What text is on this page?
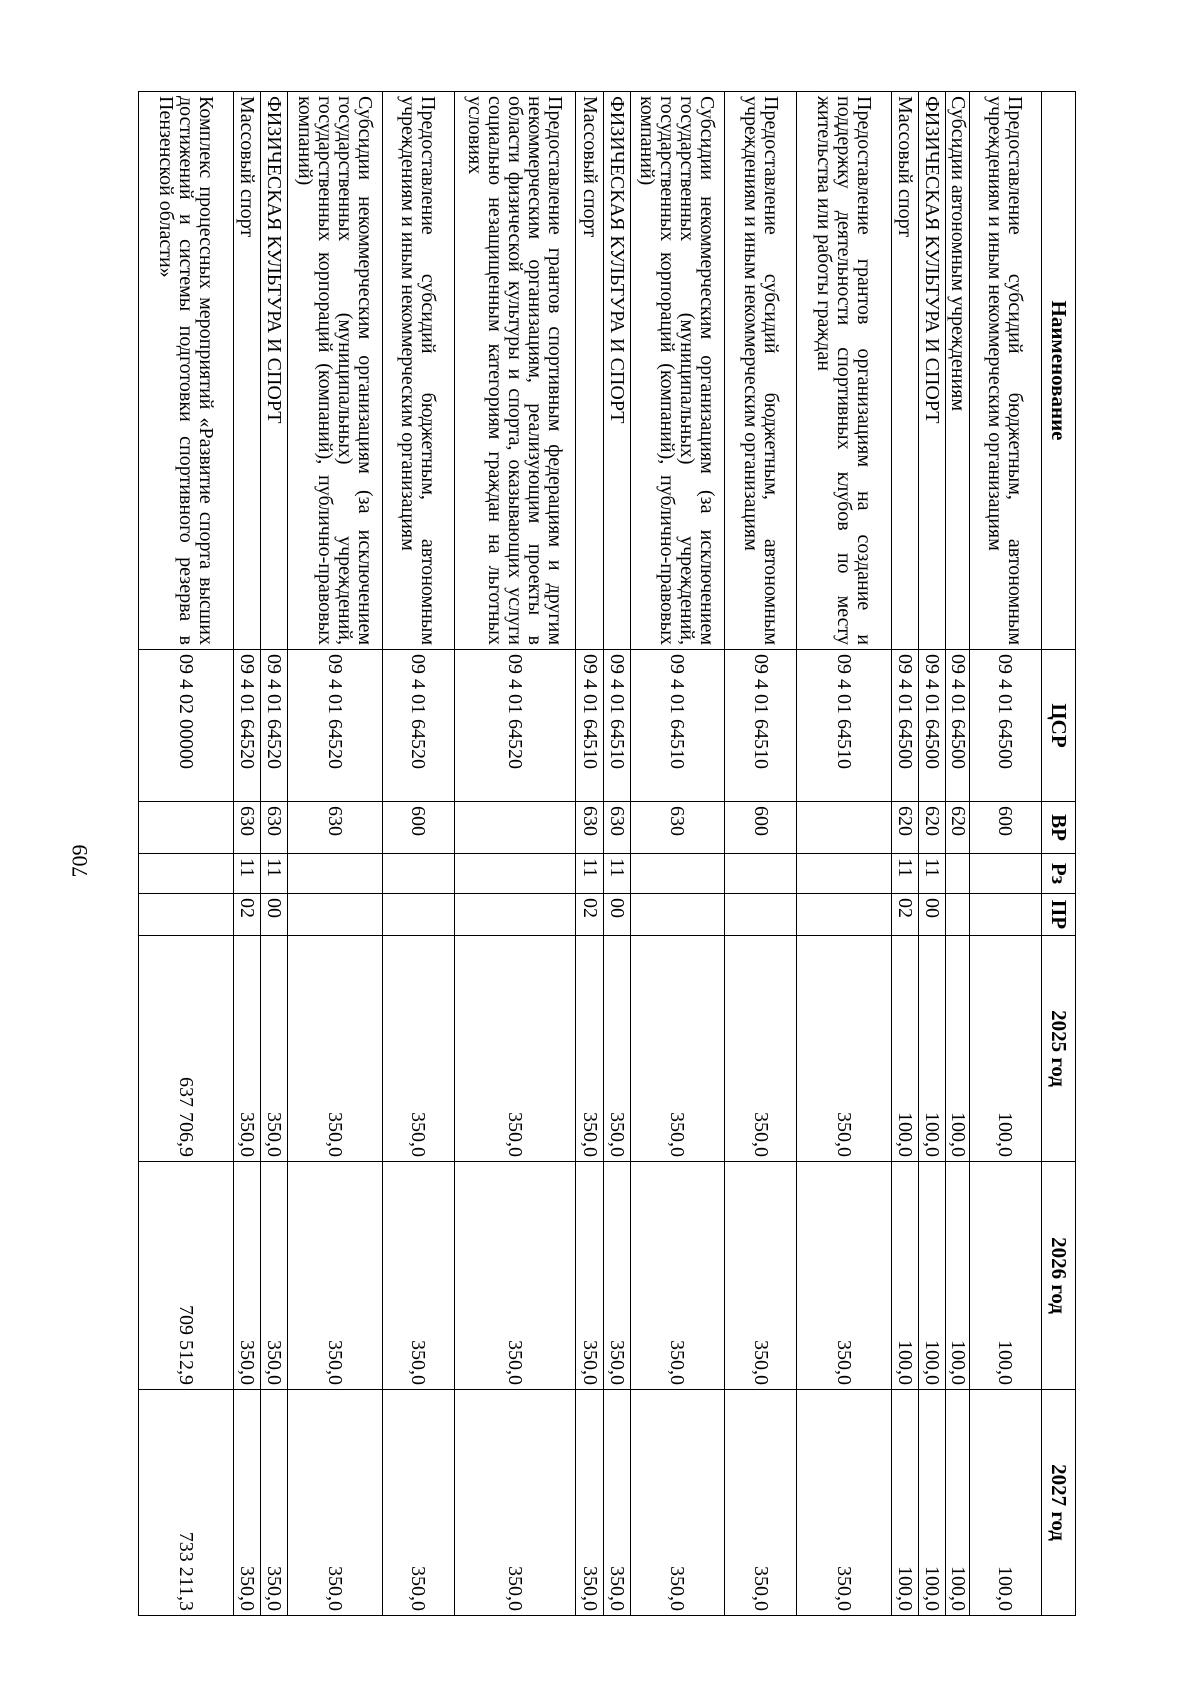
709
Наименование	ЦСР	ВР	Рз	ПР	2025 год	2026 год	2027 год
Предоставление субсидий бюджетным, автономным учреждениям и иным некоммерческим организациям	09 4 01 64500	600			100,0	100,0	100,0
Субсидии автономным учреждениям	09 4 01 64500	620			100,0	100,0	100,0
ФИЗИЧЕСКАЯ КУЛЬТУРА И СПОРТ	09 4 01 64500	620	11	00	100,0	100,0	100,0
Массовый спорт	09 4 01 64500	620	11	02	100,0	100,0	100,0
Предоставление грантов организациям на создание и поддержку деятельности спортивных клубов по месту жительства или работы граждан	09 4 01 64510				350,0	350,0	350,0
Предоставление субсидий бюджетным, автономным учреждениям и иным некоммерческим организациям	09 4 01 64510	600			350,0	350,0	350,0
Субсидии некоммерческим организациям (за исключением государственных (муниципальных) учреждений, государственных корпораций (компаний), публично-правовых компаний)	09 4 01 64510	630			350,0	350,0	350,0
ФИЗИЧЕСКАЯ КУЛЬТУРА И СПОРТ	09 4 01 64510	630	11	00	350,0	350,0	350,0
Массовый спорт	09 4 01 64510	630	11	02	350,0	350,0	350,0
Предоставление грантов спортивным федерациям и другим некоммерческим организациям, реализующим проекты в области физической культуры и спорта, оказывающих услуги социально незащищенным категориям граждан на льготных условиях	09 4 01 64520				350,0	350,0	350,0
Предоставление субсидий бюджетным, автономным учреждениям и иным некоммерческим организациям	09 4 01 64520	600			350,0	350,0	350,0
Субсидии некоммерческим организациям (за исключением государственных (муниципальных) учреждений, государственных корпораций (компаний), публично-правовых компаний)	09 4 01 64520	630			350,0	350,0	350,0
ФИЗИЧЕСКАЯ КУЛЬТУРА И СПОРТ	09 4 01 64520	630	11	00	350,0	350,0	350,0
Массовый спорт	09 4 01 64520	630	11	02	350,0	350,0	350,0
Комплекс процессных мероприятий «Развитие спорта высших достижений и системы подготовки спортивного резерва в Пензенской области»	09 4 02 00000				637 706,9	709 512,9	733 211,3
